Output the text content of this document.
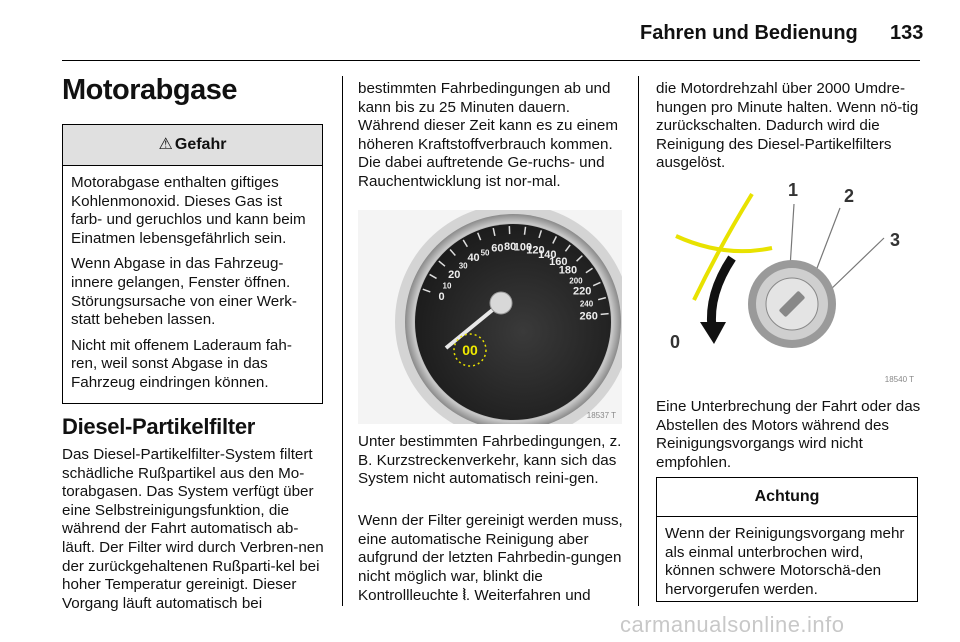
Fahren und Bedienung 133
Motorabgase
⚠ Gefahr

Motorabgase enthalten giftiges Kohlenmonoxid. Dieses Gas ist farb- und geruchlos und kann beim Einatmen lebensgefährlich sein.

Wenn Abgase in das Fahrzeug-innere gelangen, Fenster öffnen. Störungsursache von einer Werk-statt beheben lassen.

Nicht mit offenem Laderaum fah-ren, weil sonst Abgase in das Fahrzeug eindringen können.

Diesel-Partikelfilter

Das Diesel-Partikelfilter-System filtert schädliche Rußpartikel aus den Mo-torabgasen. Das System verfügt über eine Selbstreinigungsfunktion, die während der Fahrt automatisch ab-läuft. Der Filter wird durch Verbren-nen der zurückgehaltenen Rußparti-kel bei hoher Temperatur gereinigt. Dieser Vorgang läuft automatisch bei

bestimmten Fahrbedingungen ab und kann bis zu 25 Minuten dauern. Während dieser Zeit kann es zu einem höheren Kraftstoffverbrauch kommen. Die dabei auftretende Ge-ruchs- und Rauchentwicklung ist nor-mal.

0
10
20
30
40 50 60 80
100
120
140
160
180
200
220
240
260
00
18537 T

Unter bestimmten Fahrbedingungen, z. B. Kurzstreckenverkehr, kann sich das System nicht automatisch reini-gen.

Wenn der Filter gereinigt werden muss, eine automatische Reinigung aber aufgrund der letzten Fahrbedin-gungen nicht möglich war, blinkt die Kontrollleuchte ⦚. Weiterfahren und

die Motordrehzahl über 2000 Umdre-hungen pro Minute halten. Wenn nö-tig zurückschalten. Dadurch wird die Reinigung des Diesel-Partikelfilters ausgelöst.

1	2
3
0
18540 T

Eine Unterbrechung der Fahrt oder das Abstellen des Motors während des Reinigungsvorgangs wird nicht empfohlen.

Achtung

Wenn der Reinigungsvorgang mehr als einmal unterbrochen wird, können schwere Motorschä-den hervorgerufen werden.

carmanualsonline.info
